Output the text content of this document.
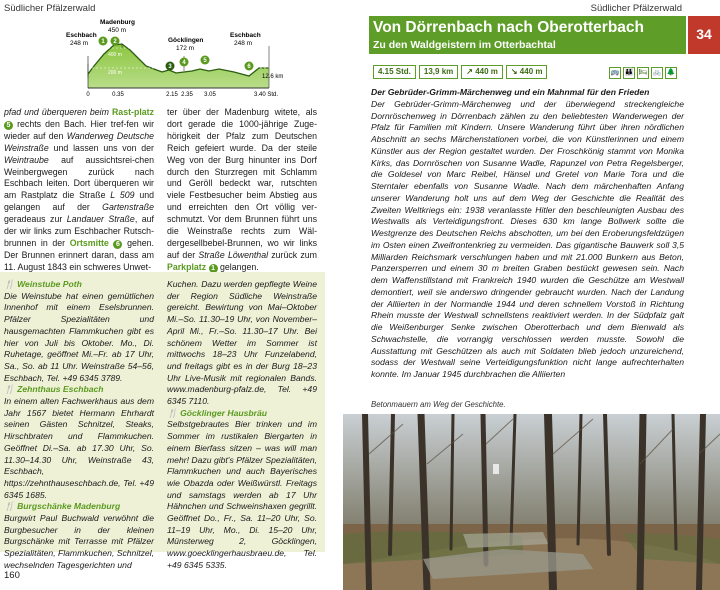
Südlicher Pfälzerwald
400 m
200 m
Eschbach
248 m
Madenburg
450 m
Göcklingen
172 m
Eschbach
248 m
1 2
3
4	5
6
12.6 km
0	0.35	2.15 2.35 3.05	3.40 Std.

pfad und überqueren beim Rast-platz 5 rechts den Bach. Hier tref-fen wir wieder auf den Wanderweg Deutsche Weinstraße und lassen uns von der Weintraube auf aussichtsrei-chen Weinbergwegen zurück nach Eschbach leiten. Dort überqueren wir am Rastplatz die Straße L 509 und gelangen auf der Gartenstraße geradeaus zur Landauer Straße, auf der wir links zum Eschbacher Rutsch-brunnen in der Ortsmitte 6 gehen. Der Brunnen erinnert daran, dass am 11. August 1843 ein schweres Unwet-

ter über der Madenburg witete, als dort gerade die 1000-jährige Zuge-hörigkeit der Pfalz zum Deutschen Reich gefeiert wurde. Da der steile Weg von der Burg hinunter ins Dorf durch den Sturzregen mit Schlamm und Geröll bedeckt war, rutschten viele Festbesucher beim Abstieg aus und erreichten den Ort völlig ver-schmutzt. Vor dem Brunnen führt uns die Weinstraße rechts zum Wäl-dergesellbebel-Brunnen, wo wir links auf der Straße Löwenthal zurück zum Parkplatz 1 gelangen.

🍴 Weinstube Poth

Die Weinstube hat einen gemütlichen Innenhof mit einem Eselsbrunnen. Pfälzer Spezialitäten und hausgemachten Flammkuchen gibt es hier von Juli bis Oktober. Mo., Di. Ruhetage, geöffnet Mi.–Fr. ab 17 Uhr, Sa., So. ab 11 Uhr. Weinstraße 54–56, Eschbach, Tel. +49 6345 3789.

🍴 Zehnthaus Eschbach

In einem alten Fachwerkhaus aus dem Jahr 1567 bietet Hermann Ehrhardt seinen Gästen Schnitzel, Steaks, Hirschbraten und Flammkuchen. Geöffnet Di.–Sa. ab 17.30 Uhr, So. 11.30–14.30 Uhr, Weinstraße 43, Eschbach, https://zehnthauseschbach.de, Tel. +49 6345 1685.

🍴 Burgschänke Madenburg

Burgwirt Paul Buchwald verwöhnt die Burgbesucher in der kleinen Burgschänke mit Terrasse mit Pfälzer Spezialitäten, Flammkuchen, Schnitzel, wechselnden Tagesgerichten und

Kuchen. Dazu werden gepflegte Weine der Region Südliche Weinstraße gereicht. Bewirtung von Mai–Oktober Mi.–So. 11.30–19 Uhr, von November–April Mi., Fr.–So. 11.30–17 Uhr. Bei schönem Wetter im Sommer ist mittwochs 18–23 Uhr Funzelabend, und freitags gibt es in der Burg 18–23 Uhr Live-Musik mit regionalen Bands. www.madenburg-pfalz.de, Tel. +49 6345 7110.

🍴 Göcklinger Hausbräu

Selbstgebrautes Bier trinken und im Sommer im rustikalen Biergarten in einem Bierfass sitzen – was will man mehr! Dazu gibt's Pfälzer Spezialitäten, Flammkuchen und auch Bayerisches wie Obazda oder Weißwürstl. Freitags und samstags werden ab 17 Uhr Hähnchen und Schweinshaxen gegrillt. Geöffnet Do., Fr., Sa. 11–20 Uhr, So. 11–19 Uhr, Mo., Di. 15–20 Uhr, Münsterweg 2, Göcklingen, www.goecklingerhausbraeu.de, Tel. +49 6345 5335.

160
Südlicher Pfälzerwald
Von Dörrenbach nach Oberotterbach
Zu den Waldgeistern im Otterbachtal
34
4.15 Std. 13,9 km ↗ 440 m ↘ 440 m	🚌 👪 🛏 🚲 🌲

Der Gebrüder-Grimm-Märchenweg und ein Mahnmal für den Frieden

Der Gebrüder-Grimm-Märchenweg und der überwiegend streckengleiche Dornröschenweg in Dörrenbach zählen zu den beliebtesten Wanderwegen der Pfalz für Familien mit Kindern. Unsere Wanderung führt über ihren nördlichen Abschnitt an sechs Märchenstationen vorbei, die von Künstlerinnen und einem Künstler aus der Region gestaltet wurden. Der Froschkönig stammt von Monika Kirks, das Dornröschen von Susanne Wadle, Rapunzel von Petra Regelsberger, die Goldesel von Marc Reibel, Hänsel und Gretel von Marie Tora und die Sterntaler ebenfalls von Susanne Wadle. Nach dem märchenhaften Anfang unserer Wanderung holt uns auf dem Weg der Geschichte die Realität des Zweiten Weltkriegs ein: 1938 veranlasste Hitler den beschleunigten Ausbau des Westwalls als Verteidigungsfront. Dieses 630 km lange Bollwerk sollte die Westgrenze des Deutschen Reichs abschotten, um bei den Eroberungsfeldzügen im Osten einen Zweifrontenkrieg zu vermeiden. Das gigantische Bauwerk soll 3,5 Milliarden Reichsmark verschlungen haben und mit 21.000 Bunkern aus Beton, Panzersperren und einem 30 m breiten Graben bestückt gewesen sein. Nach dem Waffenstillstand mit Frankreich 1940 wurden die Geschütze am Westwall demontiert, weil sie anderswo dringender gebraucht wurden. Nach der Landung der Alliierten in der Normandie 1944 und deren schnellem Vorstoß in Richtung Rhein musste der Westwall schnellstens reaktiviert werden. In der Südpfalz galt die Weißenburger Senke zwischen Oberotterbach und dem Bienwald als Schwachstelle, die vorrangig verschlossen werden musste. Sowohl die Ausstattung mit Geschützen als auch mit Soldaten blieb jedoch unzureichend, sodass der Westwall seine Verteidigungsfunktion nicht lange aufrechterhalten konnte. Im Januar 1945 durchbrachen die Alliierten

Betonmauern am Weg der Geschichte.
